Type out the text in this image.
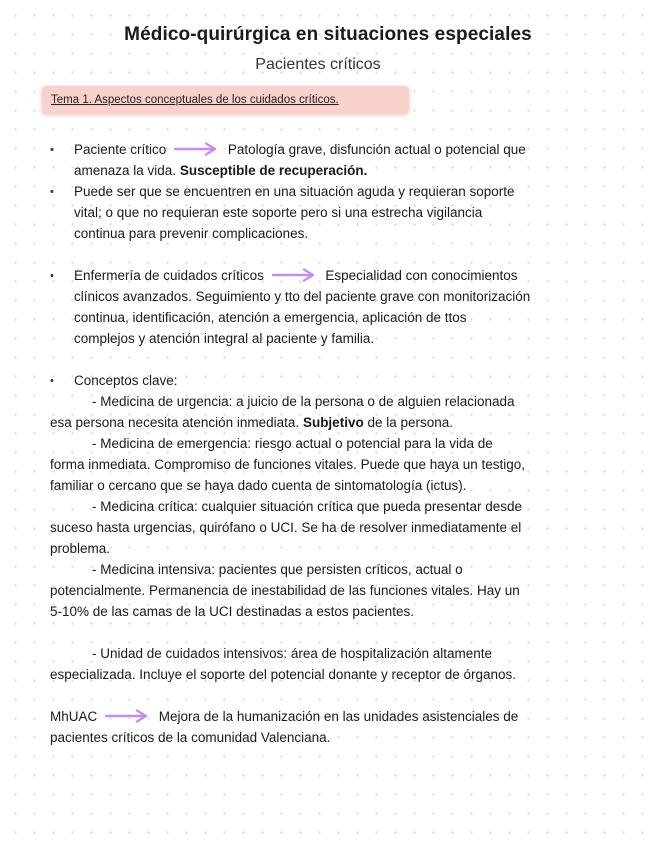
Médico-quirúrgica en situaciones especiales
Pacientes críticos
Tema 1. Aspectos conceptuales de los cuidados críticos.
• Paciente crítico	Patología grave, disfunción actual o potencial que
amenaza la vida. Susceptible de recuperación.
• Puede ser que se encuentren en una situación aguda y requieran soporte
vital; o que no requieran este soporte pero si una estrecha vigilancia
continua para prevenir complicaciones.
• Enfermería de cuidados críticos	Especialidad con conocimientos
clínicos avanzados. Seguimiento y tto del paciente grave con monitorización
continua, identificación, atención a emergencia, aplicación de ttos
complejos y atención integral al paciente y familia.
• Conceptos clave:
- Medicina de urgencia: a juicio de la persona o de alguien relacionada
esa persona necesita atención inmediata. Subjetivo de la persona.
- Medicina de emergencia: riesgo actual o potencial para la vida de
forma inmediata. Compromiso de funciones vitales. Puede que haya un testigo,
familiar o cercano que se haya dado cuenta de sintomatología (ictus).
- Medicina crítica: cualquier situación crítica que pueda presentar desde
suceso hasta urgencias, quirófano o UCI. Se ha de resolver inmediatamente el
problema.
- Medicina intensiva: pacientes que persisten críticos, actual o
potencialmente. Permanencia de inestabilidad de las funciones vitales. Hay un
5-10% de las camas de la UCI destinadas a estos pacientes.
- Unidad de cuidados intensivos: área de hospitalización altamente
especializada. Incluye el soporte del potencial donante y receptor de órganos.
MhUAC	Mejora de la humanización en las unidades asistenciales de
pacientes críticos de la comunidad Valenciana.
